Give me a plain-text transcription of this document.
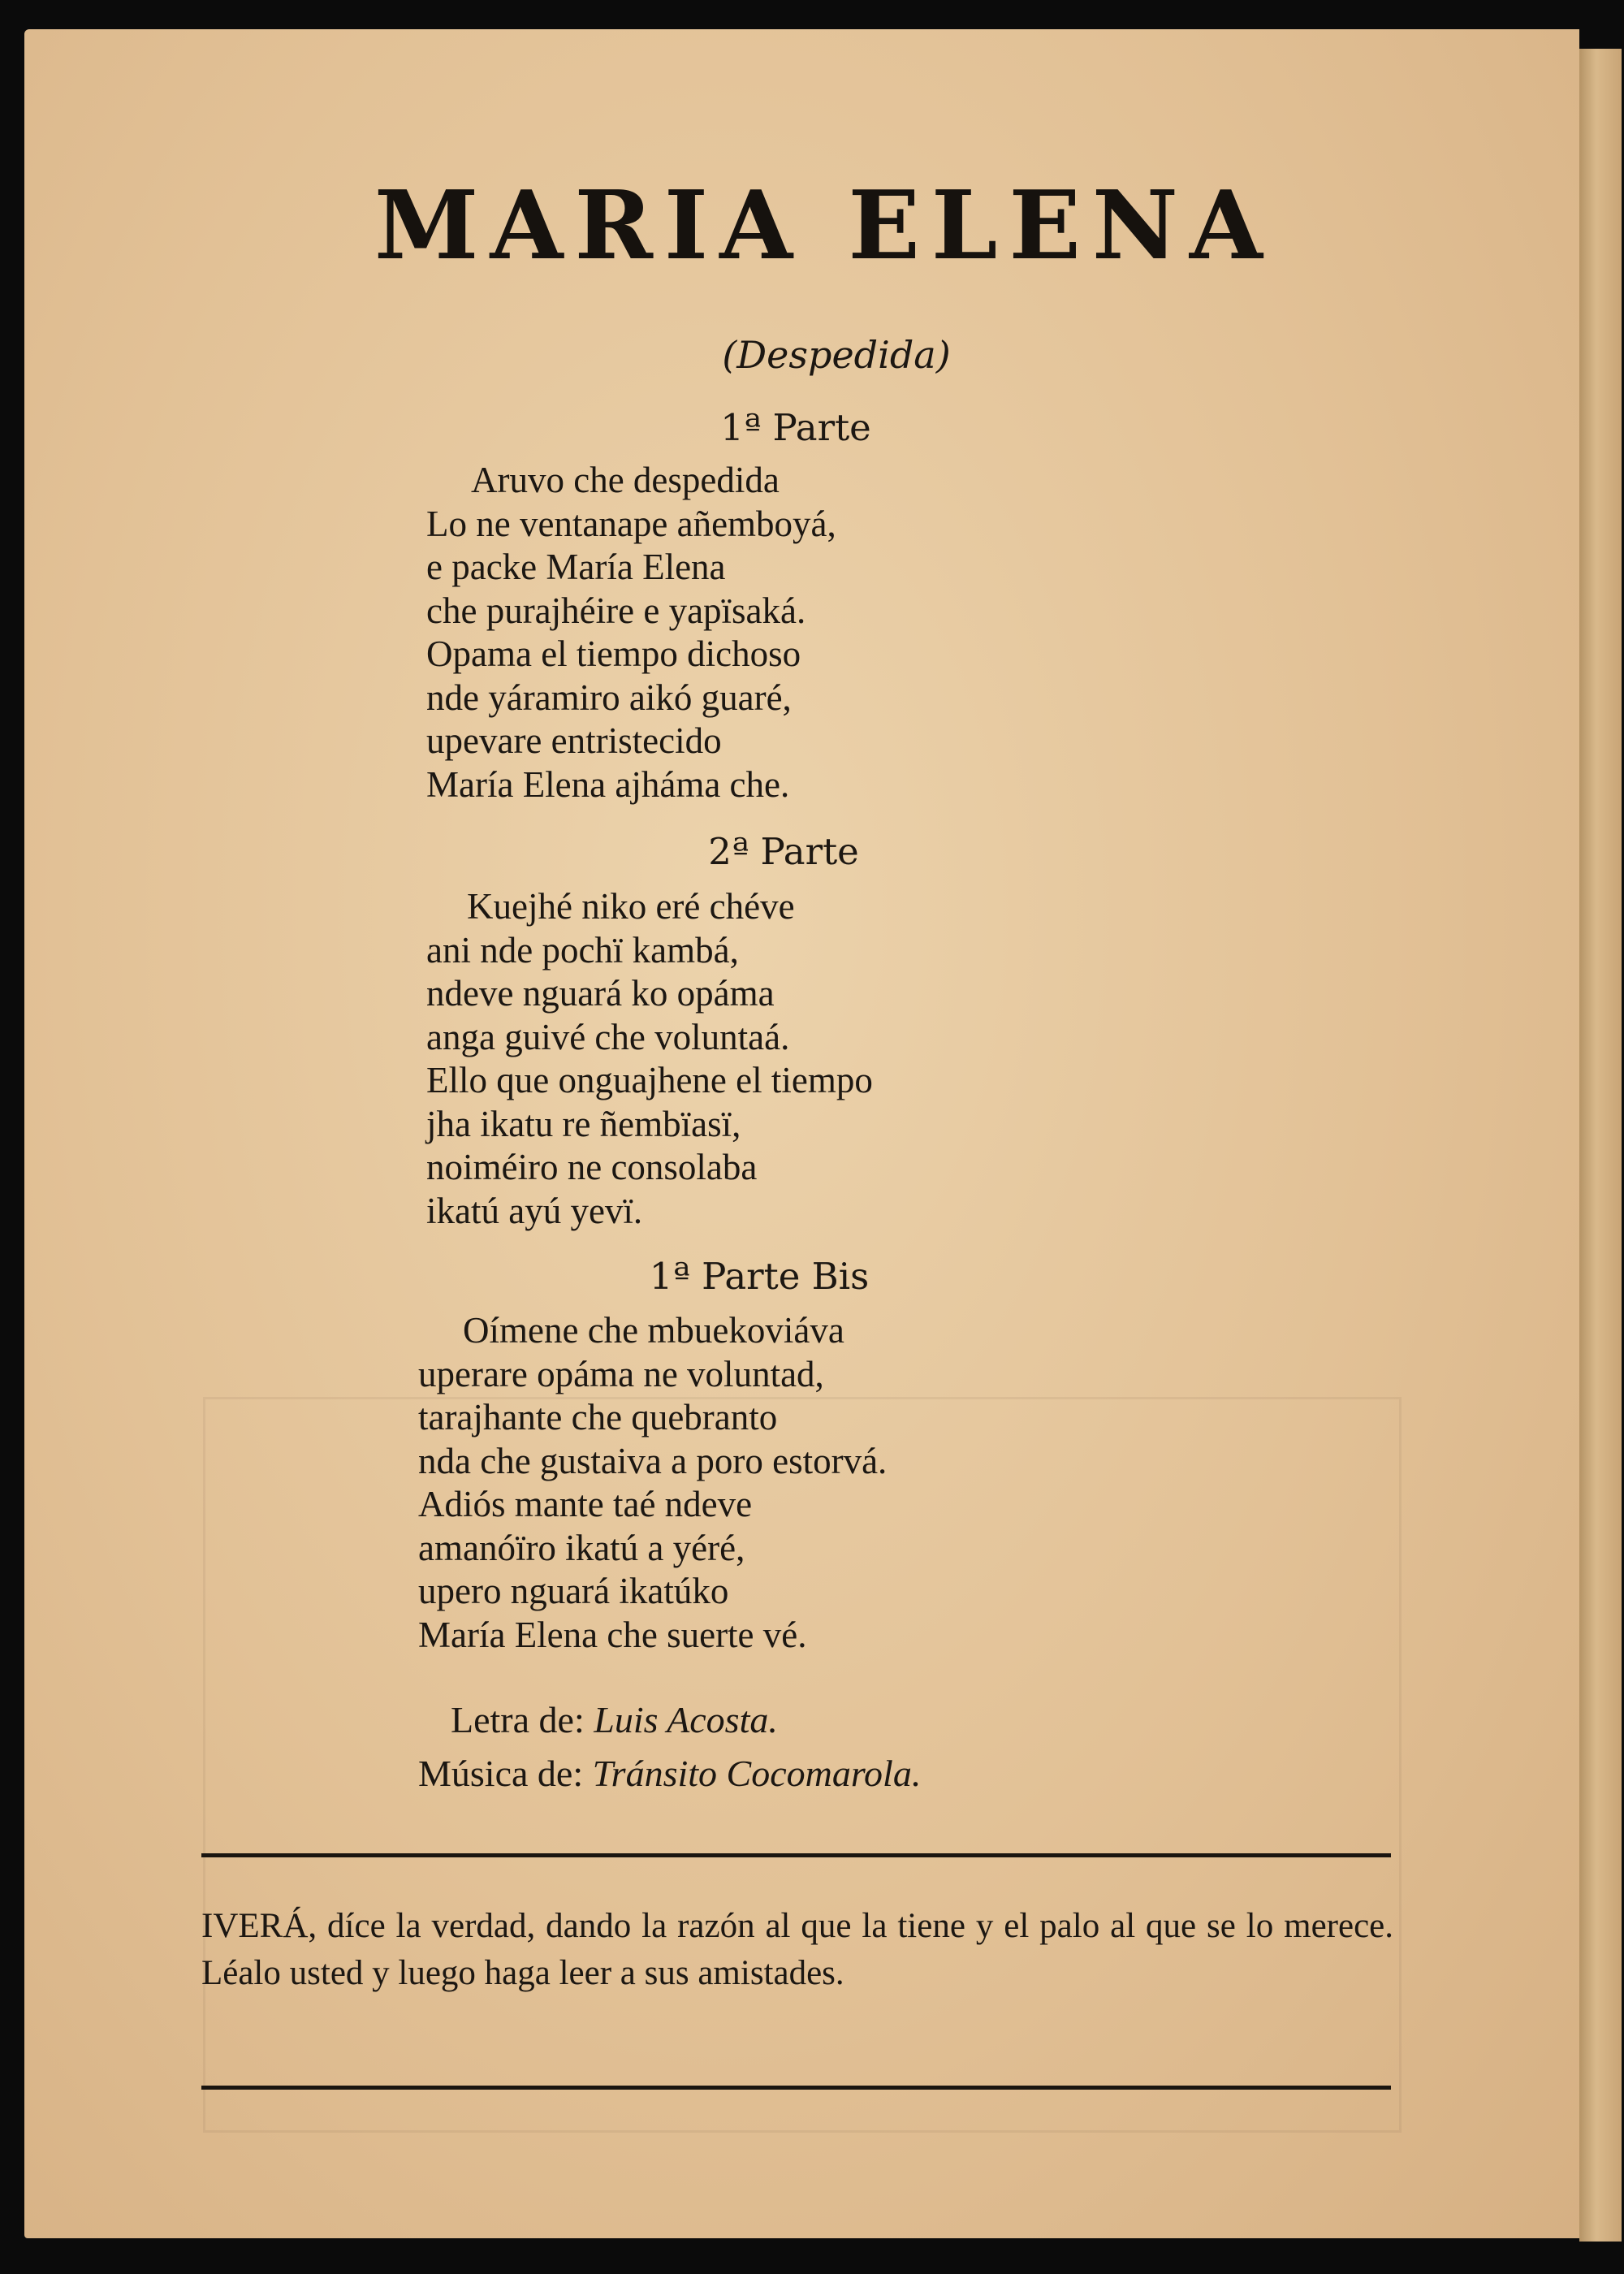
MARIA ELENA
(Despedida)
1ª Parte
Aruvo che despedida
Lo ne ventanape añemboyá,
e packe María Elena
che purajhéire e yapïsaká.
Opama el tiempo dichoso
nde yáramiro aikó guaré,
upevare entristecido
María Elena ajháma che.
2ª Parte
Kuejhé niko eré chéve
ani nde pochï kambá,
ndeve nguará ko opáma
anga guivé che voluntaá.
Ello que onguajhene el tiempo
jha ikatu re ñembïasï,
noiméiro ne consolaba
ikatú ayú yevï.
1ª Parte Bis
Oímene che mbuekoviáva
uperare opáma ne voluntad,
tarajhante che quebranto
nda che gustaiva a poro estorvá.
Adiós mante taé ndeve
amanóïro ikatú a yéré,
upero nguará ikatúko
María Elena che suerte vé.
Letra de: Luis Acosta.
Música de: Tránsito Cocomarola.
IVERÁ, díce la verdad, dando la razón al que la tiene y el palo al que se lo merece. Léalo usted y luego haga leer a sus amistades.
